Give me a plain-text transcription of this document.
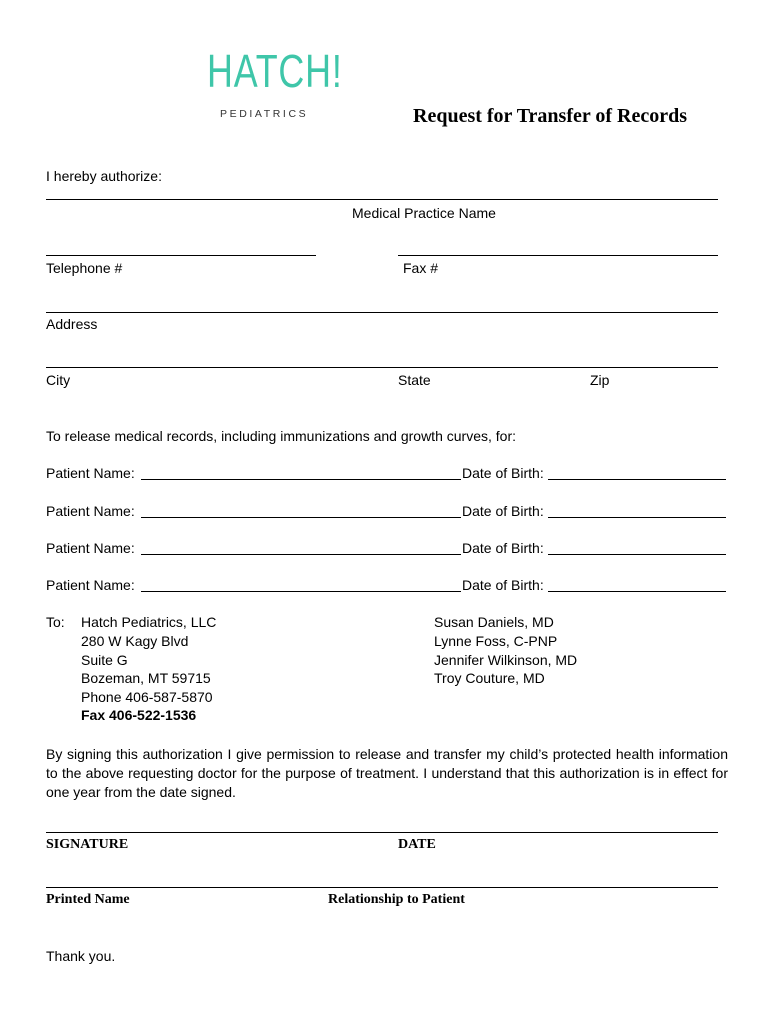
HATCH!
PEDIATRICS	Request for Transfer of Records
I hereby authorize:
Medical Practice Name
Telephone #	Fax #
Address
City	State	Zip
To release medical records, including immunizations and growth curves, for:
Patient Name:	Date of Birth:
Patient Name:	Date of Birth:
Patient Name:	Date of Birth:
Patient Name:	Date of Birth:
To: Hatch Pediatrics, LLC
280 W Kagy Blvd
Suite G
Bozeman, MT 59715
Phone 406-587-5870
Fax 406-522-1536
Susan Daniels, MD
Lynne Foss, C-PNP
Jennifer Wilkinson, MD
Troy Couture, MD
By signing this authorization I give permission to release and transfer my child’s protected health information to the above requesting doctor for the purpose of treatment. I understand that this authorization is in effect for one year from the date signed.
SIGNATURE	DATE
Printed Name	Relationship to Patient
Thank you.
